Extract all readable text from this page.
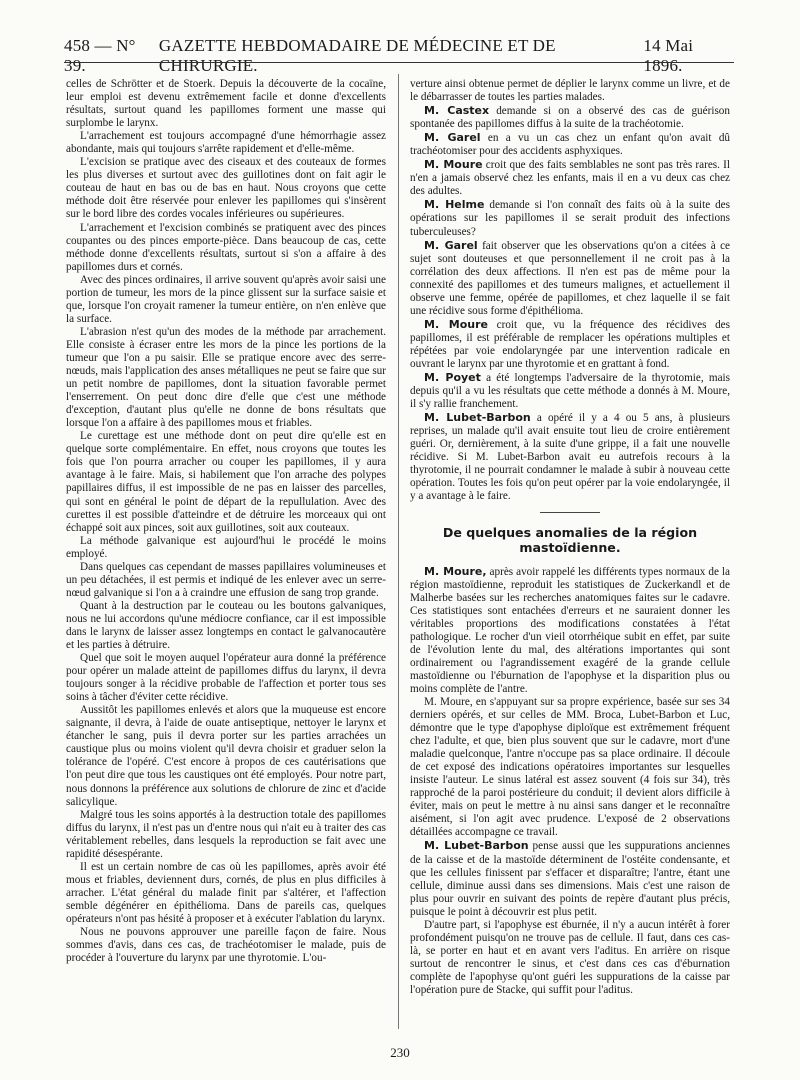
458 — N° 39.
GAZETTE HEBDOMADAIRE DE MÉDECINE ET DE CHIRURGIE.
14 Mai 1896.

celles de Schrötter et de Stoerk. Depuis la découverte de la cocaïne, leur emploi est devenu extrêmement facile et donne d'excellents résultats, surtout quand les papillomes forment une masse qui surplombe le larynx.

L'arrachement est toujours accompagné d'une hémorrhagie assez abondante, mais qui toujours s'arrête rapidement et d'elle-même.

L'excision se pratique avec des ciseaux et des couteaux de formes les plus diverses et surtout avec des guillotines dont on fait agir le couteau de haut en bas ou de bas en haut. Nous croyons que cette méthode doit être réservée pour enlever les papillomes qui s'insèrent sur le bord libre des cordes vocales inférieures ou supérieures.

L'arrachement et l'excision combinés se pratiquent avec des pinces coupantes ou des pinces emporte-pièce. Dans beaucoup de cas, cette méthode donne d'excellents résultats, surtout si s'on a affaire à des papillomes durs et cornés.

Avec des pinces ordinaires, il arrive souvent qu'après avoir saisi une portion de tumeur, les mors de la pince glissent sur la surface saisie et que, lorsque l'on croyait ramener la tumeur entière, on n'en enlève que la surface.

L'abrasion n'est qu'un des modes de la méthode par arrachement. Elle consiste à écraser entre les mors de la pince les portions de la tumeur que l'on a pu saisir. Elle se pratique encore avec des serre-nœuds, mais l'application des anses métalliques ne peut se faire que sur un petit nombre de papillomes, dont la situation favorable permet l'enserrement. On peut donc dire d'elle que c'est une méthode d'exception, d'autant plus qu'elle ne donne de bons résultats que lorsque l'on a affaire à des papillomes mous et friables.

Le curettage est une méthode dont on peut dire qu'elle est en quelque sorte complémentaire. En effet, nous croyons que toutes les fois que l'on pourra arracher ou couper les papillomes, il y aura avantage à le faire. Mais, si habilement que l'on arrache des polypes papillaires diffus, il est impossible de ne pas en laisser des parcelles, qui sont en général le point de départ de la repullulation. Avec des curettes il est possible d'atteindre et de détruire les morceaux qui ont échappé soit aux pinces, soit aux guillotines, soit aux couteaux.

La méthode galvanique est aujourd'hui le procédé le moins employé.

Dans quelques cas cependant de masses papillaires volumineuses et un peu détachées, il est permis et indiqué de les enlever avec un serre-nœud galvanique si l'on a à craindre une effusion de sang trop grande.

Quant à la destruction par le couteau ou les boutons galvaniques, nous ne lui accordons qu'une médiocre confiance, car il est impossible dans le larynx de laisser assez longtemps en contact le galvanocautère et les parties à détruire.

Quel que soit le moyen auquel l'opérateur aura donné la préférence pour opérer un malade atteint de papillomes diffus du larynx, il devra toujours songer à la récidive probable de l'affection et porter tous ses soins à tâcher d'éviter cette récidive.

Aussitôt les papillomes enlevés et alors que la muqueuse est encore saignante, il devra, à l'aide de ouate antiseptique, nettoyer le larynx et étancher le sang, puis il devra porter sur les parties arrachées un caustique plus ou moins violent qu'il devra choisir et graduer selon la tolérance de l'opéré. C'est encore à propos de ces cautérisations que l'on peut dire que tous les caustiques ont été employés. Pour notre part, nous donnons la préférence aux solutions de chlorure de zinc et d'acide salicylique.

Malgré tous les soins apportés à la destruction totale des papillomes diffus du larynx, il n'est pas un d'entre nous qui n'ait eu à traiter des cas véritablement rebelles, dans lesquels la reproduction se fait avec une rapidité désespérante.

Il est un certain nombre de cas où les papillomes, après avoir été mous et friables, deviennent durs, cornés, de plus en plus difficiles à arracher. L'état général du malade finit par s'altérer, et l'affection semble dégénérer en épithélioma. Dans de pareils cas, quelques opérateurs n'ont pas hésité à proposer et à exécuter l'ablation du larynx.

Nous ne pouvons approuver une pareille façon de faire. Nous sommes d'avis, dans ces cas, de trachéotomiser le malade, puis de procéder à l'ouverture du larynx par une thyrotomie. L'ou-

verture ainsi obtenue permet de déplier le larynx comme un livre, et de le débarrasser de toutes les parties malades.

M. Castex demande si on a observé des cas de guérison spontanée des papillomes diffus à la suite de la trachéotomie.

M. Garel en a vu un cas chez un enfant qu'on avait dû trachéotomiser pour des accidents asphyxiques.

M. Moure croit que des faits semblables ne sont pas très rares. Il n'en a jamais observé chez les enfants, mais il en a vu deux cas chez des adultes.

M. Helme demande si l'on connaît des faits où à la suite des opérations sur les papillomes il se serait produit des infections tuberculeuses?

M. Garel fait observer que les observations qu'on a citées à ce sujet sont douteuses et que personnellement il ne croit pas à la corrélation des deux affections. Il n'en est pas de même pour la connexité des papillomes et des tumeurs malignes, et actuellement il observe une femme, opérée de papillomes, et chez laquelle il se fait une récidive sous forme d'épithélioma.

M. Moure croit que, vu la fréquence des récidives des papillomes, il est préférable de remplacer les opérations multiples et répétées par voie endolaryngée par une intervention radicale en ouvrant le larynx par une thyrotomie et en grattant à fond.

M. Poyet a été longtemps l'adversaire de la thyrotomie, mais depuis qu'il a vu les résultats que cette méthode a donnés à M. Moure, il s'y rallie franchement.

M. Lubet-Barbon a opéré il y a 4 ou 5 ans, à plusieurs reprises, un malade qu'il avait ensuite tout lieu de croire entièrement guéri. Or, dernièrement, à la suite d'une grippe, il a fait une nouvelle récidive. Si M. Lubet-Barbon avait eu autrefois recours à la thyrotomie, il ne pourrait condamner le malade à subir à nouveau cette opération. Toutes les fois qu'on peut opérer par la voie endolaryngée, il y a avantage à le faire.

De quelques anomalies de la région mastoïdienne.

M. Moure, après avoir rappelé les différents types normaux de la région mastoïdienne, reproduit les statistiques de Zuckerkandl et de Malherbe basées sur les recherches anatomiques faites sur le cadavre. Ces statistiques sont entachées d'erreurs et ne sauraient donner les véritables proportions des modifications constatées à l'état pathologique. Le rocher d'un vieil otorrhéique subit en effet, par suite de l'évolution lente du mal, des altérations importantes qui sont ordinairement ou l'agrandissement exagéré de la grande cellule mastoïdienne ou l'éburnation de l'apophyse et la disparition plus ou moins complète de l'antre.

M. Moure, en s'appuyant sur sa propre expérience, basée sur ses 34 derniers opérés, et sur celles de MM. Broca, Lubet-Barbon et Luc, démontre que le type d'apophyse diploïque est extrêmement fréquent chez l'adulte, et que, bien plus souvent que sur le cadavre, mort d'une maladie quelconque, l'antre n'occupe pas sa place ordinaire. Il découle de cet exposé des indications opératoires importantes sur lesquelles insiste l'auteur. Le sinus latéral est assez souvent (4 fois sur 34), très rapproché de la paroi postérieure du conduit; il devient alors difficile à éviter, mais on peut le mettre à nu ainsi sans danger et le reconnaître aisément, si l'on agit avec prudence. L'exposé de 2 observations détaillées accompagne ce travail.

M. Lubet-Barbon pense aussi que les suppurations anciennes de la caisse et de la mastoïde déterminent de l'ostéite condensante, et que les cellules finissent par s'effacer et disparaître; l'antre, étant une cellule, diminue aussi dans ses dimensions. Mais c'est une raison de plus pour ouvrir en suivant des points de repère d'autant plus précis, puisque le point à découvrir est plus petit.

D'autre part, si l'apophyse est éburnée, il n'y a aucun intérêt à forer profondément puisqu'on ne trouve pas de cellule. Il faut, dans ces cas-là, se porter en haut et en avant vers l'aditus. En arrière on risque surtout de rencontrer le sinus, et c'est dans ces cas d'éburnation complète de l'apophyse qu'ont guéri les suppurations de la caisse par l'opération pure de Stacke, qui suffit pour l'aditus.

230
